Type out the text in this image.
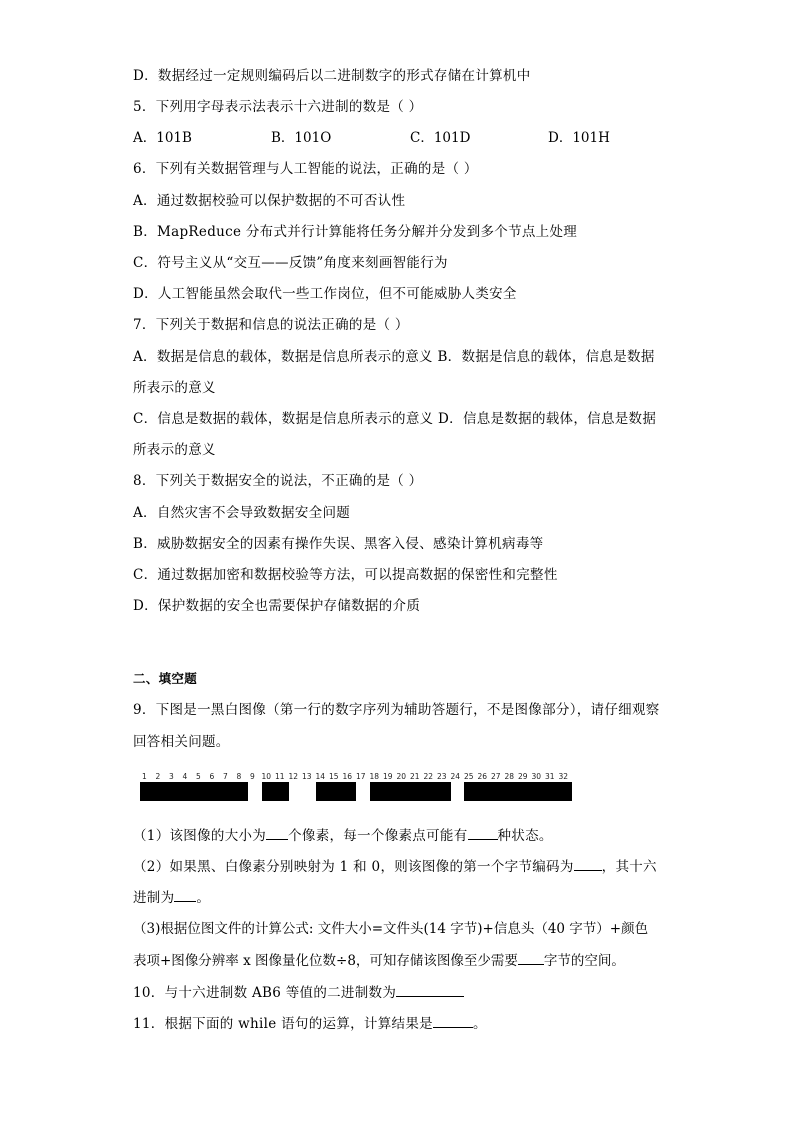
D．数据经过一定规则编码后以二进制数字的形式存储在计算机中
5．下列用字母表示法表示十六进制的数是（ ）
A．101B	B．101O	C．101D	D．101H
6．下列有关数据管理与人工智能的说法，正确的是（ ）
A．通过数据校验可以保护数据的不可否认性
B．MapReduce 分布式并行计算能将任务分解并分发到多个节点上处理
C．符号主义从“交互——反馈”角度来刻画智能行为
D．人工智能虽然会取代一些工作岗位，但不可能威胁人类安全
7．下列关于数据和信息的说法正确的是（ ）
A．数据是信息的载体，数据是信息所表示的意义 B．数据是信息的载体，信息是数据
所表示的意义
C．信息是数据的载体，数据是信息所表示的意义 D．信息是数据的载体，信息是数据
所表示的意义
8．下列关于数据安全的说法，不正确的是（ ）
A．自然灾害不会导致数据安全问题
B．威胁数据安全的因素有操作失误、黑客入侵、感染计算机病毒等
C．通过数据加密和数据校验等方法，可以提高数据的保密性和完整性
D．保护数据的安全也需要保护存储数据的介质
二、填空题
9．下图是一黑白图像（第一行的数字序列为辅助答题行，不是图像部分），请仔细观察
回答相关问题。
1 2 3 4 5 6 7 8 9 10 11 12 13 14 15 16 17 18 19 20 21 22 23 24 25 26 27 28 29 30 31 32
（1）该图像的大小为 个像素，每一个像素点可能有 种状态。
（2）如果黑、白像素分别映射为 1 和 0，则该图像的第一个字节编码为 ，其十六
进制为 。
（3)根据位图文件的计算公式: 文件大小=文件头(14 字节)+信息头（40 字节）+颜色
表项+图像分辨率 x 图像量化位数÷8，可知存储该图像至少需要 字节的空间。
10．与十六进制数 AB6 等值的二进制数为
11．根据下面的 while 语句的运算，计算结果是	。
